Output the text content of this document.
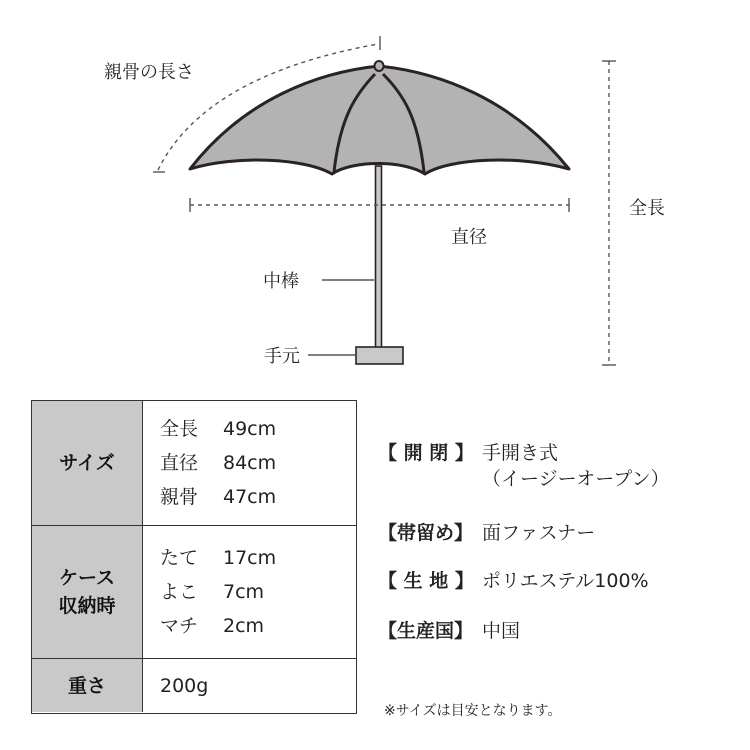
親骨の長さ
全長
直径
中棒
手元
サイズ
全長 49cm
直径 84cm
親骨 47cm
ケース
収納時
たて 17cm
よこ 7cm
マチ 2cm
重さ	200g
【 開 閉 】 手開き式
（イージーオープン）
【帯留め】 面ファスナー
【 生 地 】 ポリエステル100%
【生産国】 中国
※サイズは目安となります。
